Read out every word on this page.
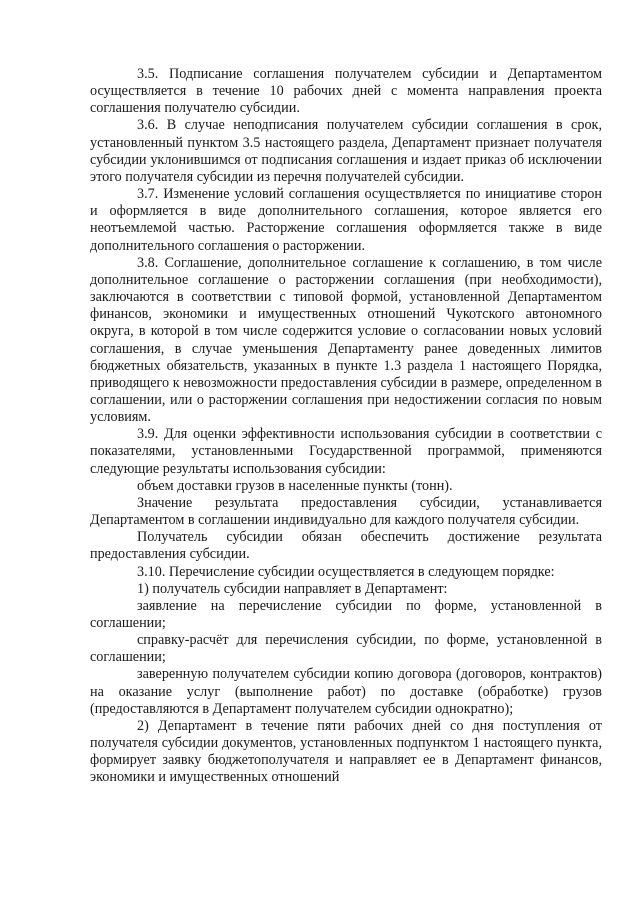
3.5. Подписание соглашения получателем субсидии и Департаментом осуществляется в течение 10 рабочих дней с момента направления проекта соглашения получателю субсидии.

3.6. В случае неподписания получателем субсидии соглашения в срок, установленный пунктом 3.5 настоящего раздела, Департамент признает получателя субсидии уклонившимся от подписания соглашения и издает приказ об исключении этого получателя субсидии из перечня получателей субсидии.

3.7. Изменение условий соглашения осуществляется по инициативе сторон и оформляется в виде дополнительного соглашения, которое является его неотъемлемой частью. Расторжение соглашения оформляется также в виде дополнительного соглашения о расторжении.

3.8. Соглашение, дополнительное соглашение к соглашению, в том числе дополнительное соглашение о расторжении соглашения (при необходимости), заключаются в соответствии с типовой формой, установленной Департаментом финансов, экономики и имущественных отношений Чукотского автономного округа, в которой в том числе содержится условие о согласовании новых условий соглашения, в случае уменьшения Департаменту ранее доведенных лимитов бюджетных обязательств, указанных в пункте 1.3 раздела 1 настоящего Порядка, приводящего к невозможности предоставления субсидии в размере, определенном в соглашении, или о расторжении соглашения при недостижении согласия по новым условиям.

3.9. Для оценки эффективности использования субсидии в соответствии с показателями, установленными Государственной программой, применяются следующие результаты использования субсидии:

объем доставки грузов в населенные пункты (тонн).

Значение результата предоставления субсидии, устанавливается Департаментом в соглашении индивидуально для каждого получателя субсидии.

Получатель субсидии обязан обеспечить достижение результата предоставления субсидии.

3.10. Перечисление субсидии осуществляется в следующем порядке:

1) получатель субсидии направляет в Департамент:

заявление на перечисление субсидии по форме, установленной в соглашении;

справку-расчёт для перечисления субсидии, по форме, установленной в соглашении;

заверенную получателем субсидии копию договора (договоров, контрактов) на оказание услуг (выполнение работ) по доставке (обработке) грузов (предоставляются в Департамент получателем субсидии однократно);

2) Департамент в течение пяти рабочих дней со дня поступления от получателя субсидии документов, установленных подпунктом 1 настоящего пункта, формирует заявку бюджетополучателя и направляет ее в Департамент финансов, экономики и имущественных отношений
